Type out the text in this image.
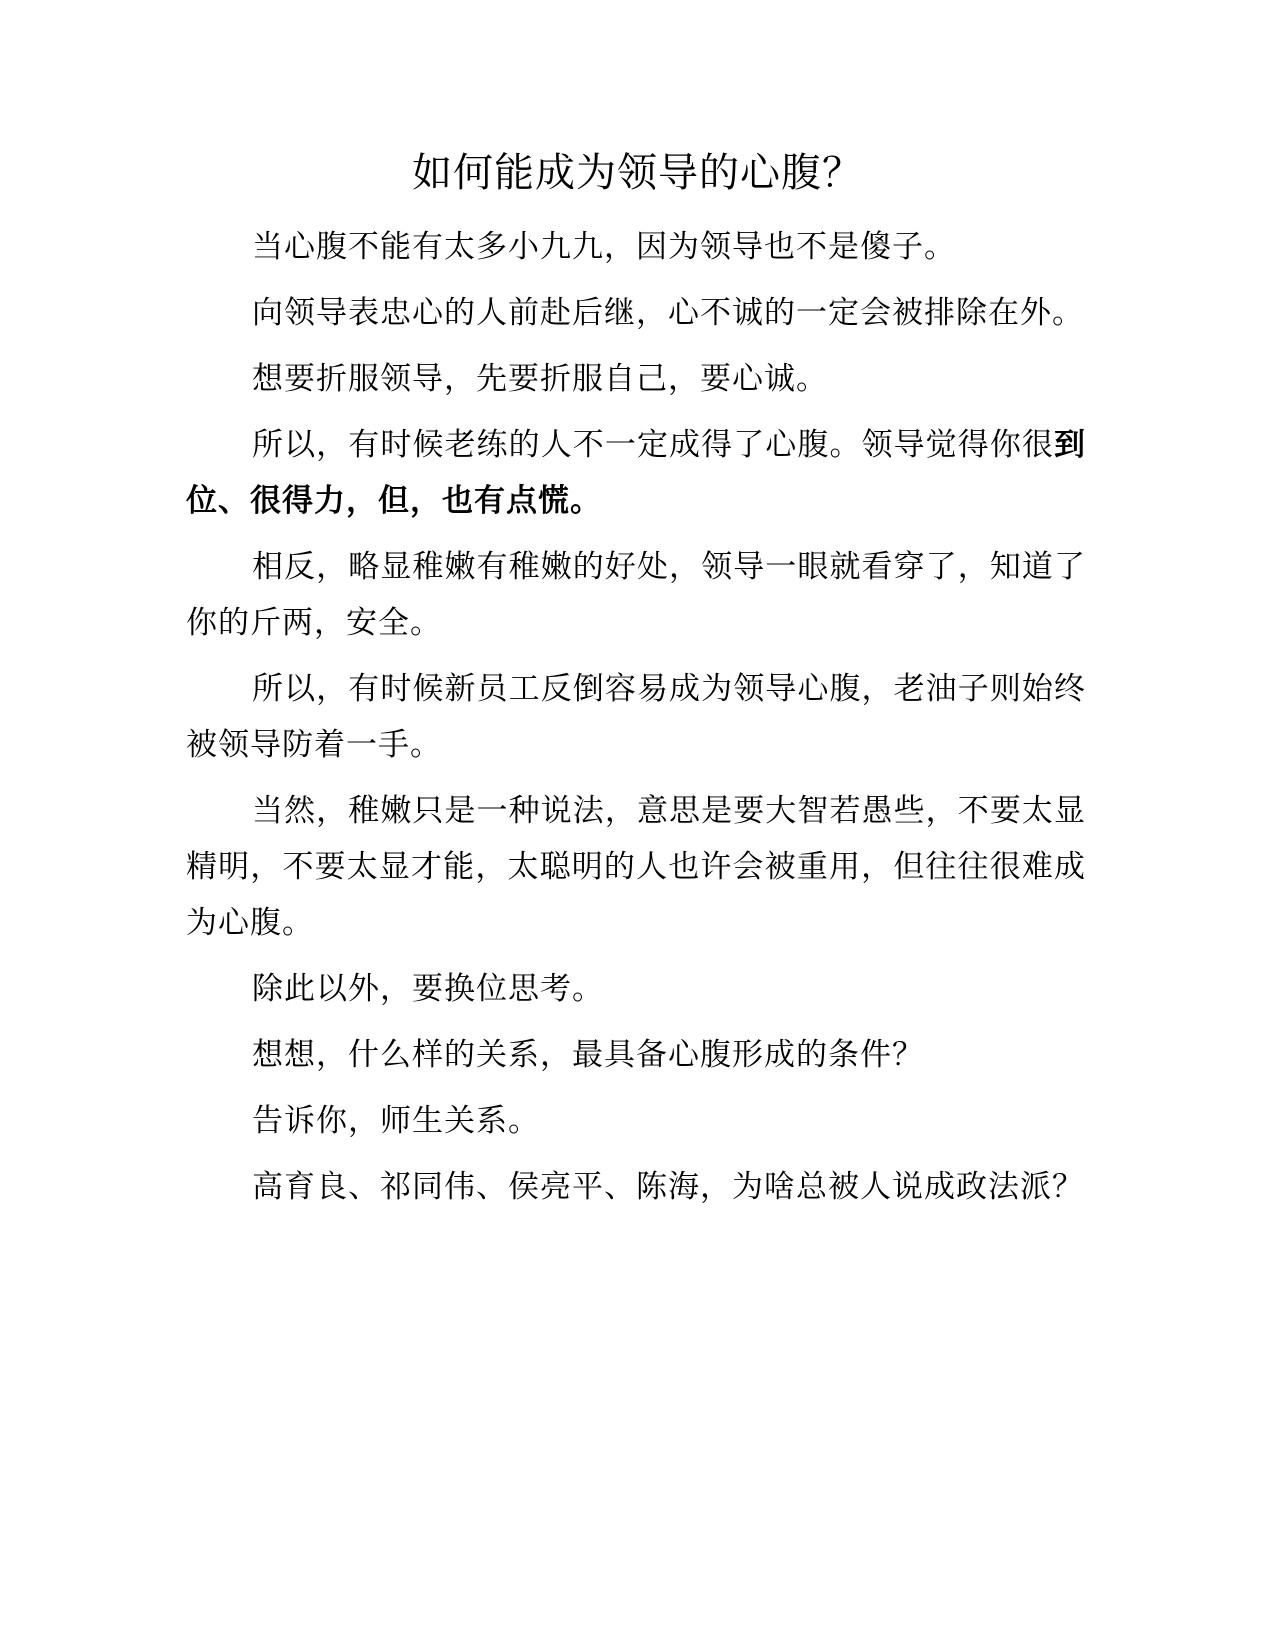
如何能成为领导的心腹？

当心腹不能有太多小九九，因为领导也不是傻子。

向领导表忠心的人前赴后继，心不诚的一定会被排除在外。

想要折服领导，先要折服自己，要心诚。

所以，有时候老练的人不一定成得了心腹。领导觉得你很到位、很得力，但，也有点慌。

相反，略显稚嫩有稚嫩的好处，领导一眼就看穿了，知道了你的斤两，安全。

所以，有时候新员工反倒容易成为领导心腹，老油子则始终被领导防着一手。

当然，稚嫩只是一种说法，意思是要大智若愚些，不要太显精明，不要太显才能，太聪明的人也许会被重用，但往往很难成为心腹。

除此以外，要换位思考。

想想，什么样的关系，最具备心腹形成的条件？

告诉你，师生关系。

高育良、祁同伟、侯亮平、陈海，为啥总被人说成政法派？
